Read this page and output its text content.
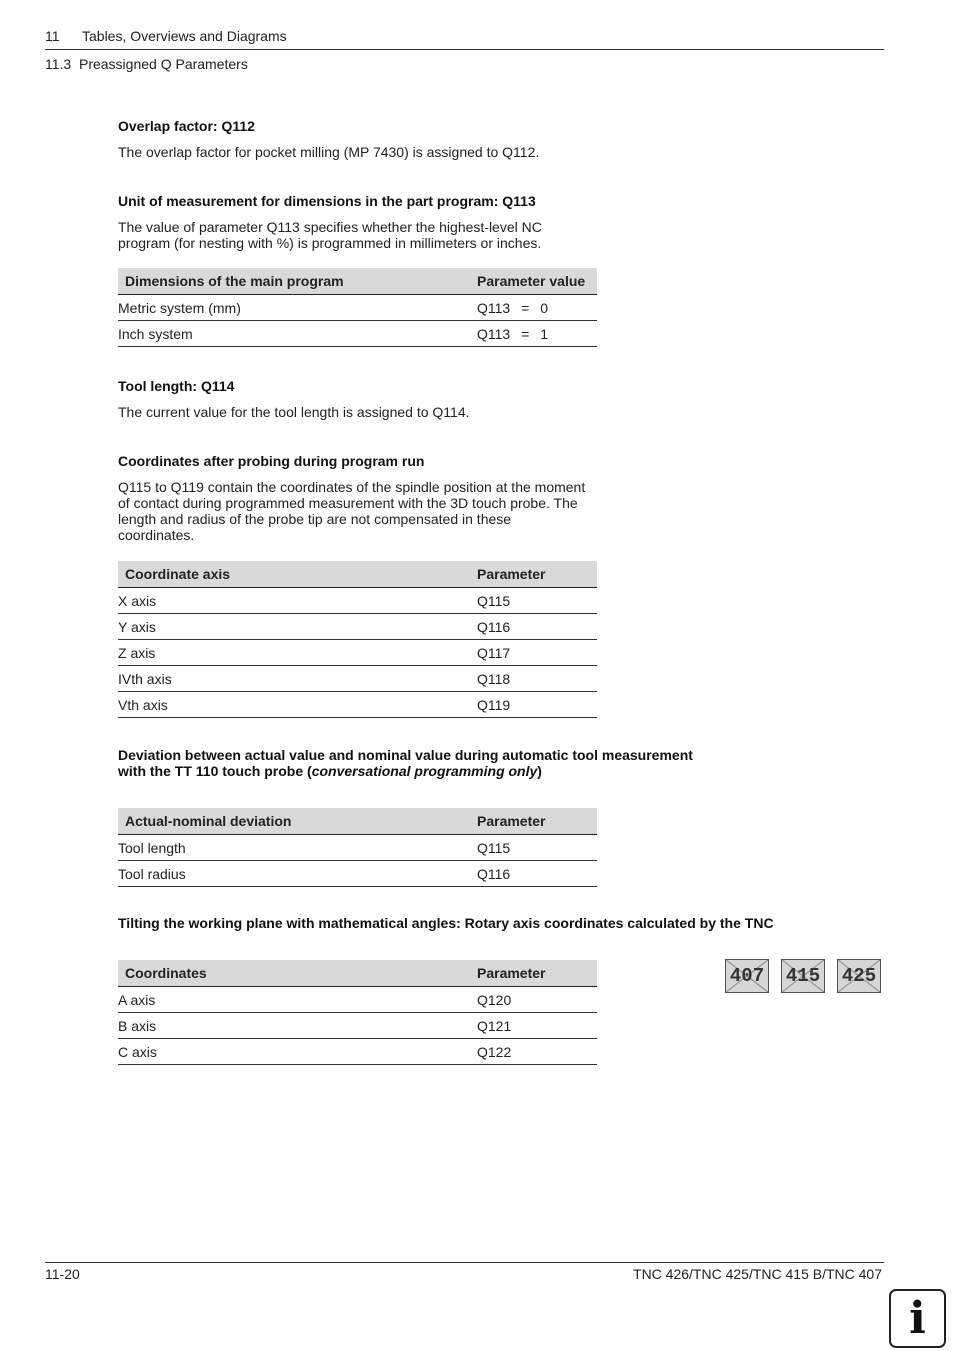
11 Tables, Overviews and Diagrams
11.3  Preassigned Q Parameters
Overlap factor: Q112
The overlap factor for pocket milling (MP 7430) is assigned to Q112.
Unit of measurement for dimensions in the part program: Q113
The value of parameter Q113 specifies whether the highest-level NC program (for nesting with %) is programmed in millimeters or inches.
Dimensions of the main program	Parameter value
Metric system (mm)	Q113 = 0
Inch system	Q113 = 1
Tool length: Q114
The current value for the tool length is assigned to Q114.
Coordinates after probing during program run
Q115 to Q119 contain the coordinates of the spindle position at the moment of contact during programmed measurement with the 3D touch probe. The length and radius of the probe tip are not compensated in these coordinates.
Coordinate axis	Parameter
X axis	Q115
Y axis	Q116
Z axis	Q117
IVth axis	Q118
Vth axis	Q119
Deviation between actual value and nominal value during automatic tool measurement
with the TT 110 touch probe (conversational programming only)
Actual-nominal deviation	Parameter
Tool length	Q115
Tool radius	Q116
Tilting the working plane with mathematical angles: Rotary axis coordinates calculated by the TNC
Coordinates	Parameter
A axis	Q120
B axis	Q121
C axis	Q122
407 415 425
11-20	TNC 426/TNC 425/TNC 415 B/TNC 407
i
